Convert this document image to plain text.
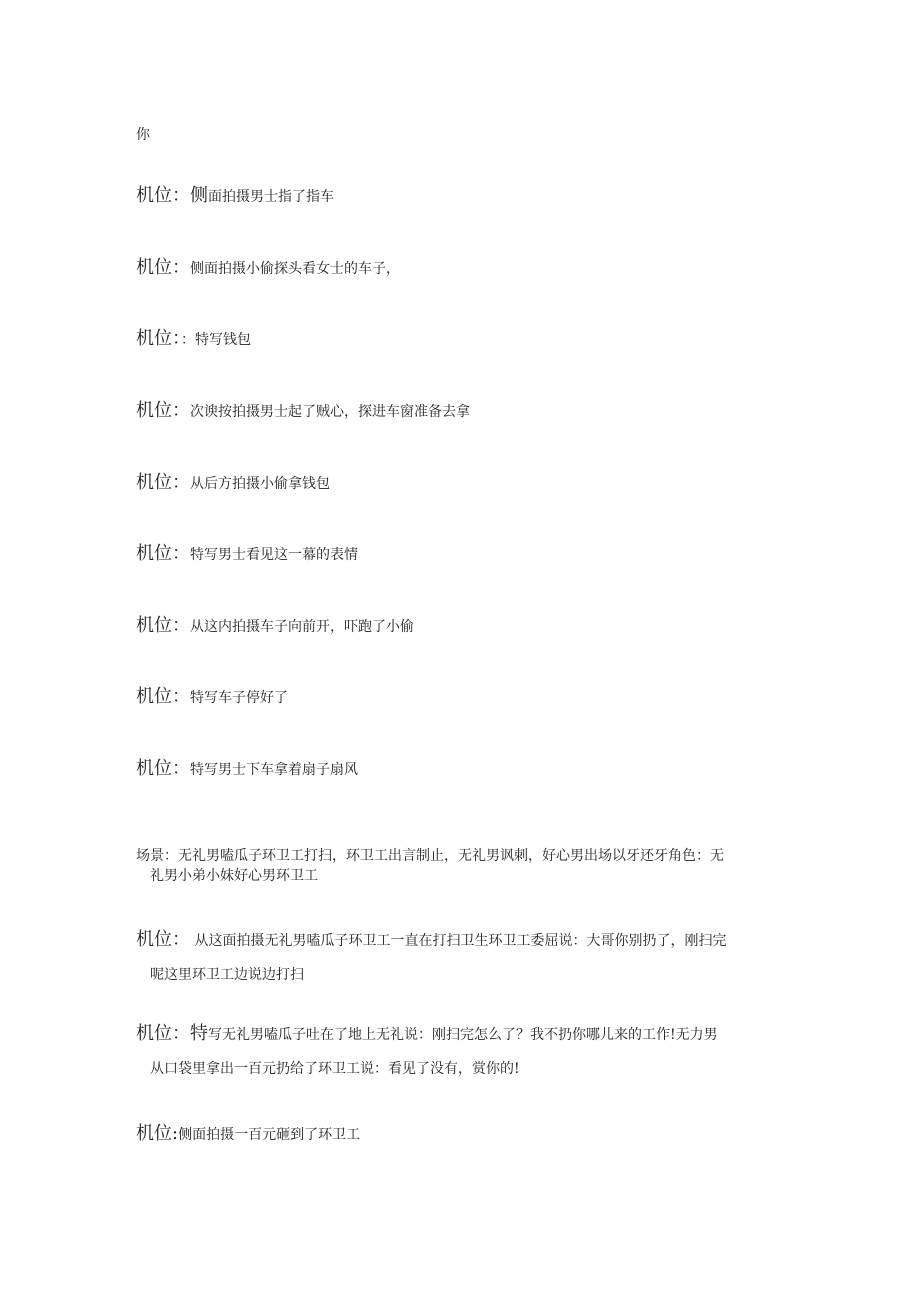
你
机位：侧面拍摄男士指了指车
机位：侧面拍摄小偷探头看女士的车子，
机位：：特写钱包
机位：次谀按拍摄男士起了贼心，探进车窗准备去拿
机位：从后方拍摄小偷拿钱包
机位：特写男士看见这一幕的表情
机位：从这内拍摄车子向前开，吓跑了小偷
机位：特写车子停好了
机位：特写男士下车拿着扇子扇风
场景：无礼男嗑瓜子环卫工打扫，环卫工出言制止，无礼男讽刺，好心男出场以牙还牙角色：无
礼男小弟小妹好心男环卫工
机位： 从这面拍摄无礼男嗑瓜子环卫工一直在打扫卫生环卫工委屈说：大哥你别扔了，刚扫完
呢这里环卫工边说边打扫
机位：特写无礼男嗑瓜子吐在了地上无礼说：刚扫完怎么了？我不扔你哪儿来的工作!无力男
从口袋里拿出一百元扔给了环卫工说：看见了没有，赏你的!
机位:侧面拍摄一百元砸到了环卫工
